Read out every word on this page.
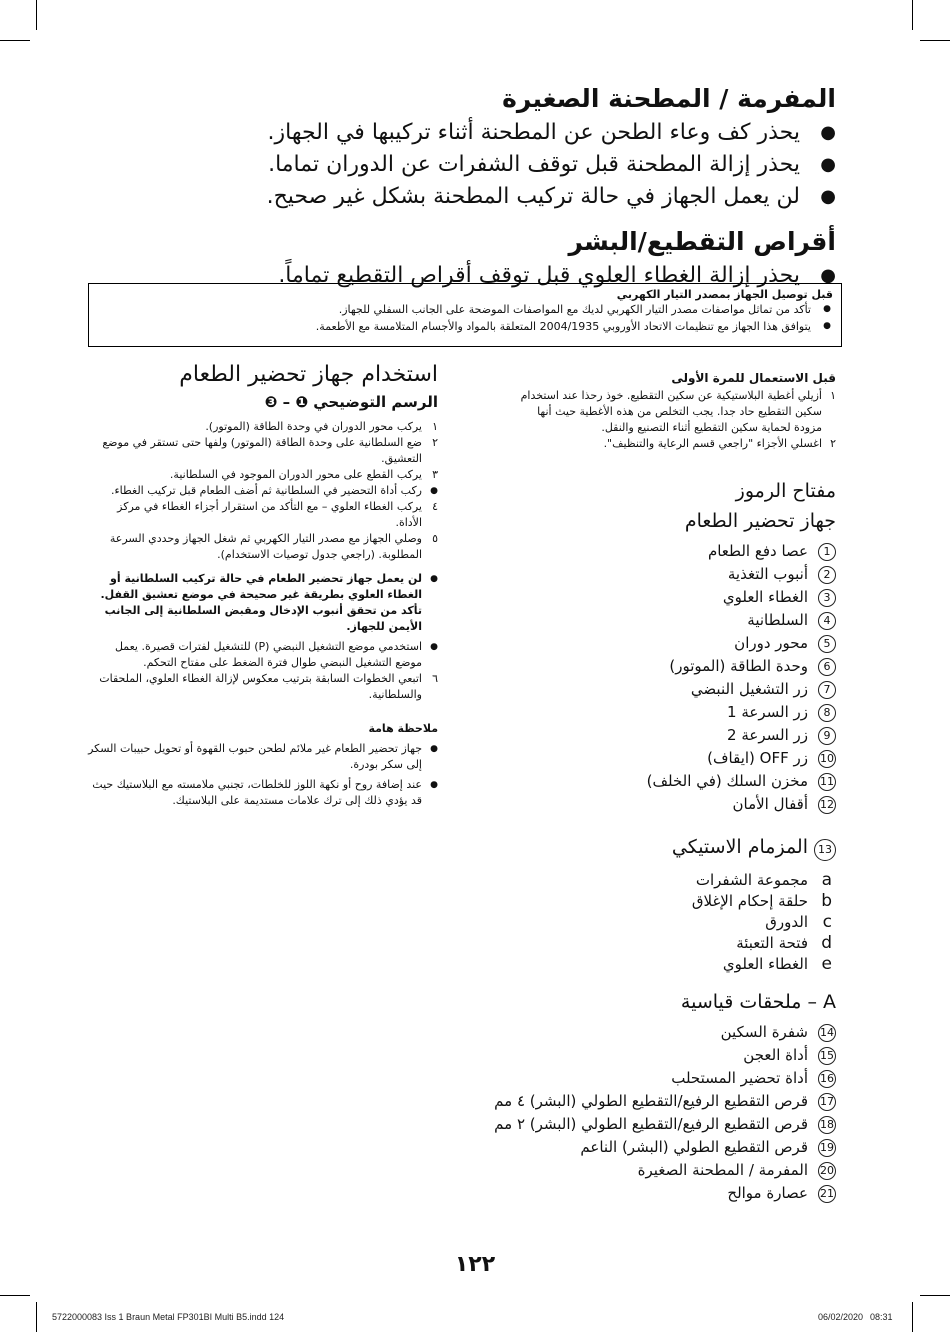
المفرمة / المطحنة الصغيرة
● يحذر كف وعاء الطحن عن المطحنة أثناء تركيبها في الجهاز.
● يحذر إزالة المطحنة قبل توقف الشفرات عن الدوران تماما.
● لن يعمل الجهاز في حالة تركيب المطحنة بشكل غير صحيح.
أقراص التقطيع/البشر
● يحذر إزالة الغطاء العلوي قبل توقف أقراص التقطيع تماماً.
قبل توصيل الجهاز بمصدر التيار الكهربي
● تأكد من تماثل مواصفات مصدر التيار الكهربي لديك مع المواصفات الموضحة على الجانب السفلي للجهاز.
● يتوافق هذا الجهاز مع تنظيمات الاتحاد الأوروبي 2004/1935 المتعلقة بالمواد والأجسام المتلامسة مع الأطعمة.
قبل الاستعمال للمرة الأولى
١
أزيلي أغطية البلاستيكية عن سكين التقطيع. خوذ رحذا عند استخدام سكين التقطيع حاد جدا. يجب التخلص من هذه الأغطية حيث أنها مزودة لحماية سكين التقطيع أثناء التصنيع والنقل.
٢
اغسلي الأجزاء "راجعي قسم الرعاية والتنظيف".
مفتاح الرموز
جهاز تحضير الطعام
1
عصا دفع الطعام
2
أنبوب التغذية
3
الغطاء العلوي
4
السلطانية
5
محور دوران
6
وحدة الطاقة (الموتور)
7
زر التشغيل النبضي
8
زر السرعة 1
9
زر السرعة 2
10
زر OFF (ايقاف)
11
مخزن السلك (في الخلف)
12
أقفال الأمان
13
المزمام الاستيكي
a
مجموعة الشفرات
b
حلقة إحكام الإغلاق
c
الدورق
d
فتحة التعبئة
e
الغطاء العلوي
A – ملحقات قياسية
14
شفرة السكين
15
أداة العجن
16
أداة تحضير المستحلب
17
قرص التقطيع الرفيع/التقطيع الطولي (البشر) ٤ مم
18
قرص التقطيع الرفيع/التقطيع الطولي (البشر) ٢ مم
19
قرص التقطيع الطولي (البشر) الناعم
20
المفرمة / المطحنة الصغيرة
21
عصارة موالح
استخدام جهاز تحضير الطعام
الرسم التوضيحي ❶ – ❸
١
يركب محور الدوران في وحدة الطاقة (الموتور).
٢
ضع السلطانية على وحدة الطاقة (الموتور) ولفها حتى تستقر في موضع التعشيق.
٣
يركب القطع على محور الدوران الموجود في السلطانية.
●
ركب أداة التحضير في السلطانية ثم أضف الطعام قبل تركيب الغطاء.
٤
يركب الغطاء العلوي – مع التأكد من استقرار أجزاء الغطاء في مركز الأداة.
٥
وصلي الجهاز مع مصدر التيار الكهربي ثم شغل الجهاز وحددي السرعة المطلوبة. (راجعي جدول توصيات الاستخدام).
●
لن يعمل جهاز تحضير الطعام في حالة تركيب السلطانية أو الغطاء العلوي بطريقة غير صحيحة في موضع تعشيق القفل. تأكد من تحقق أنبوب الإدخال ومقبض السلطانية إلى الجانب الأيمن للجهاز.
●
استخدمي موضع التشغيل النبضي (P) للتشغيل لفترات قصيرة. يعمل موضع التشغيل النبضي طوال فترة الضغط على مفتاح التحكم.
٦
اتبعي الخطوات السابقة بترتيب معكوس لإزالة الغطاء العلوي، الملحقات والسلطانية.
ملاحظة هامة
●
جهاز تحضير الطعام غير ملائم لطحن حبوب القهوة أو تحويل حبيبات السكر إلى سكر بودرة.
●
عند إضافة روح أو نكهة اللوز للخلطات، تجنبي ملامسته مع البلاستيك حيث قد يؤدي ذلك إلى ترك علامات مستديمة على البلاستيك.
١٢٢
5722000083 Iss 1 Braun Metal FP301BI Multi B5.indd 124	06/02/2020 08:31
